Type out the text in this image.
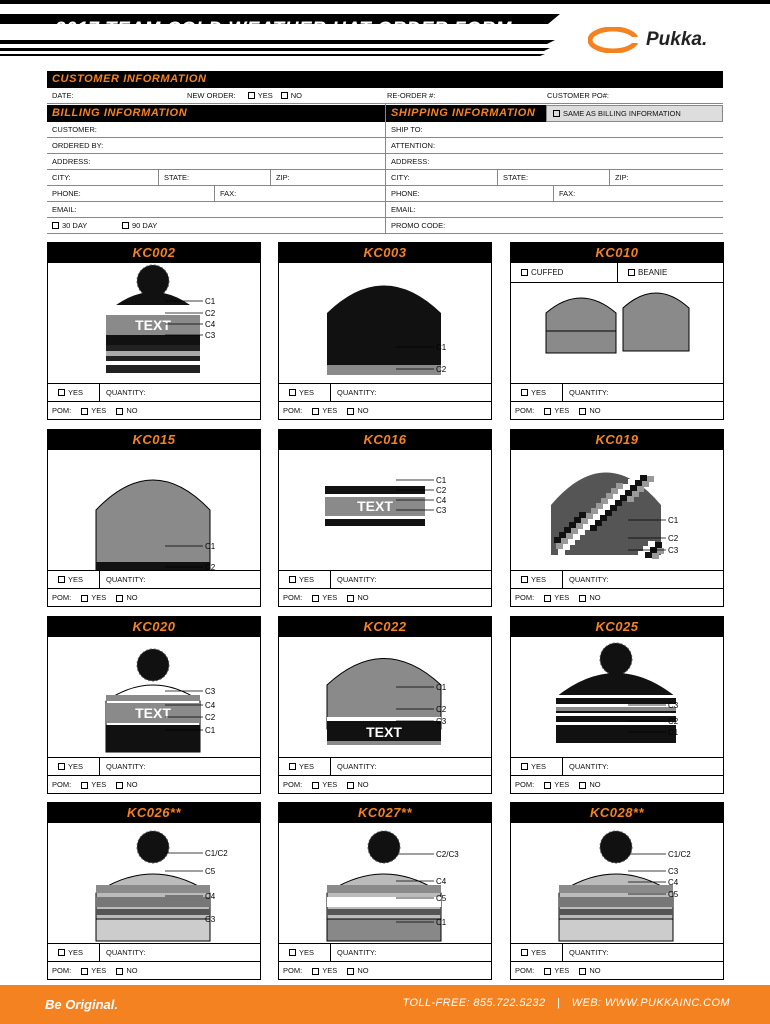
2017 TEAM COLD WEATHER HAT ORDER FORM	Pukka.
CUSTOMER INFORMATION
DATE:	NEW ORDER:	YES NO	RE-ORDER #:	CUSTOMER PO#:
BILLING INFORMATION
CUSTOMER:
ORDERED BY:
ADDRESS:
CITY:	STATE:	ZIP:
PHONE:	FAX:
EMAIL:
30 DAY	90 DAY
SHIPPING INFORMATION	SAME AS BILLING INFORMATION
SHIP TO:
ATTENTION:
ADDRESS:
CITY:	STATE:	ZIP:
PHONE:	FAX:
EMAIL:
PROMO CODE:
KC002
TEXT
C1
C2
C4
C3
YES	QUANTITY:
POM:	YES	NO
KC003
C1
C2
YES	QUANTITY:
POM:	YES	NO
KC010
CUFFED	BEANIE
YES	QUANTITY:
POM:	YES	NO
KC015
C1
C2
YES	QUANTITY:
POM:	YES	NO
KC016
TEXT
C1
C2
C4
C3
YES	QUANTITY:
POM:	YES	NO
KC019
C1
C2
C3
YES	QUANTITY:
POM:	YES	NO
KC020
TEXT
C3
C4
C2
C1
YES	QUANTITY:
POM:	YES	NO
KC022
TEXT
C1
C2
C3
YES	QUANTITY:
POM:	YES	NO
KC025
C3
C2
C1
YES	QUANTITY:
POM:	YES	NO
KC026**
C1/C2
C5
C4
C3
YES	QUANTITY:
POM:	YES	NO
KC027**
C2/C3
C4
C5
C1
YES	QUANTITY:
POM:	YES	NO
KC028**
C1/C2
C3
C4
C5
YES	QUANTITY:
POM:	YES	NO
Be Original.	TOLL-FREE: 855.722.5232 | WEB: WWW.PUKKAINC.COM
